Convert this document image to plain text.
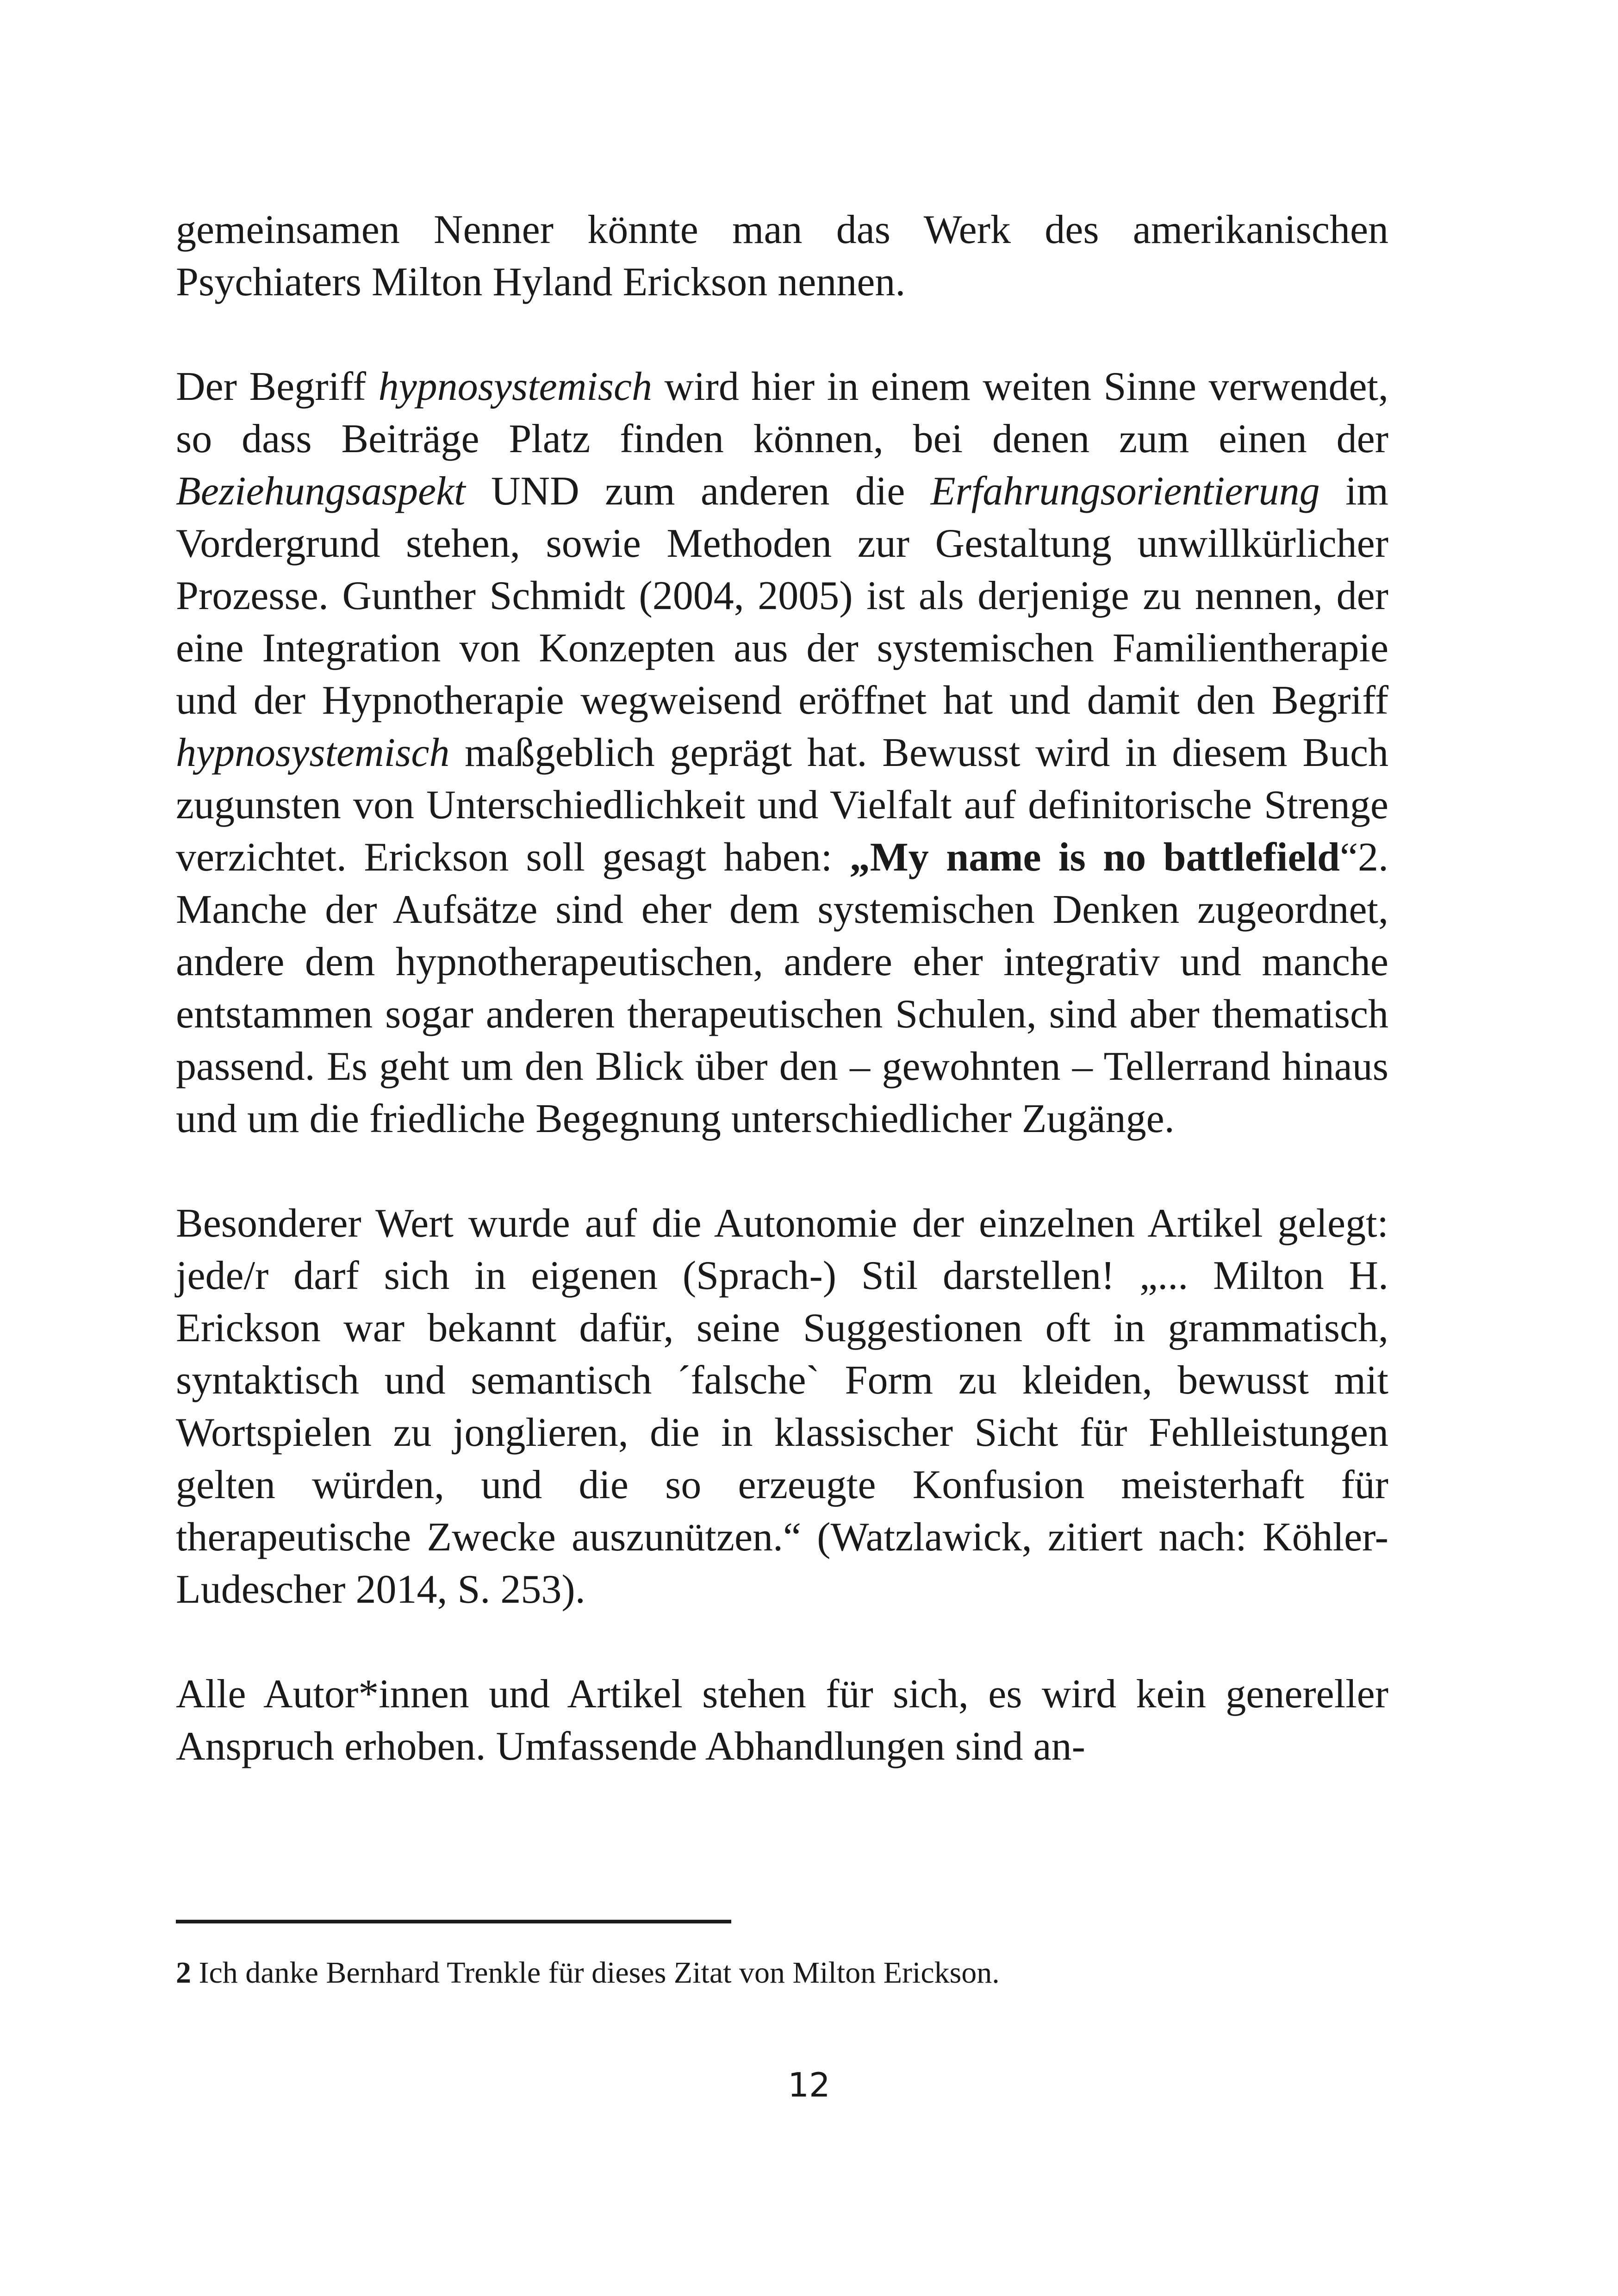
gemeinsamen Nenner könnte man das Werk des amerikanischen Psychiaters Milton Hyland Erickson nennen.

Der Begriff hypnosystemisch wird hier in einem weiten Sinne verwendet, so dass Beiträge Platz finden können, bei denen zum einen der Beziehungsaspekt UND zum anderen die Erfahrungsorientierung im Vordergrund stehen, sowie Methoden zur Gestaltung unwillkürlicher Prozesse. Gunther Schmidt (2004, 2005) ist als derjenige zu nennen, der eine Integration von Konzepten aus der systemischen Familientherapie und der Hypnotherapie wegweisend eröffnet hat und damit den Begriff hypnosystemisch maßgeblich geprägt hat. Bewusst wird in diesem Buch zugunsten von Unterschiedlichkeit und Vielfalt auf definitorische Strenge verzichtet. Erickson soll gesagt haben: „My name is no battlefield“2. Manche der Aufsätze sind eher dem systemischen Denken zugeordnet, andere dem hypnotherapeutischen, andere eher integrativ und manche entstammen sogar anderen therapeutischen Schulen, sind aber thematisch passend. Es geht um den Blick über den – gewohnten – Tellerrand hinaus und um die friedliche Begegnung unterschiedlicher Zugänge.

Besonderer Wert wurde auf die Autonomie der einzelnen Artikel gelegt: jede/r darf sich in eigenen (Sprach-) Stil darstellen! „... Milton H. Erickson war bekannt dafür, seine Suggestionen oft in grammatisch, syntaktisch und semantisch ´falsche` Form zu kleiden, bewusst mit Wortspielen zu jonglieren, die in klassischer Sicht für Fehlleistungen gelten würden, und die so erzeugte Konfusion meisterhaft für therapeutische Zwecke auszunützen.“ (Watzlawick, zitiert nach: Köhler-Ludescher 2014, S. 253).

Alle Autor*innen und Artikel stehen für sich, es wird kein genereller Anspruch erhoben. Umfassende Abhandlungen sind an-

2 Ich danke Bernhard Trenkle für dieses Zitat von Milton Erickson.
12
